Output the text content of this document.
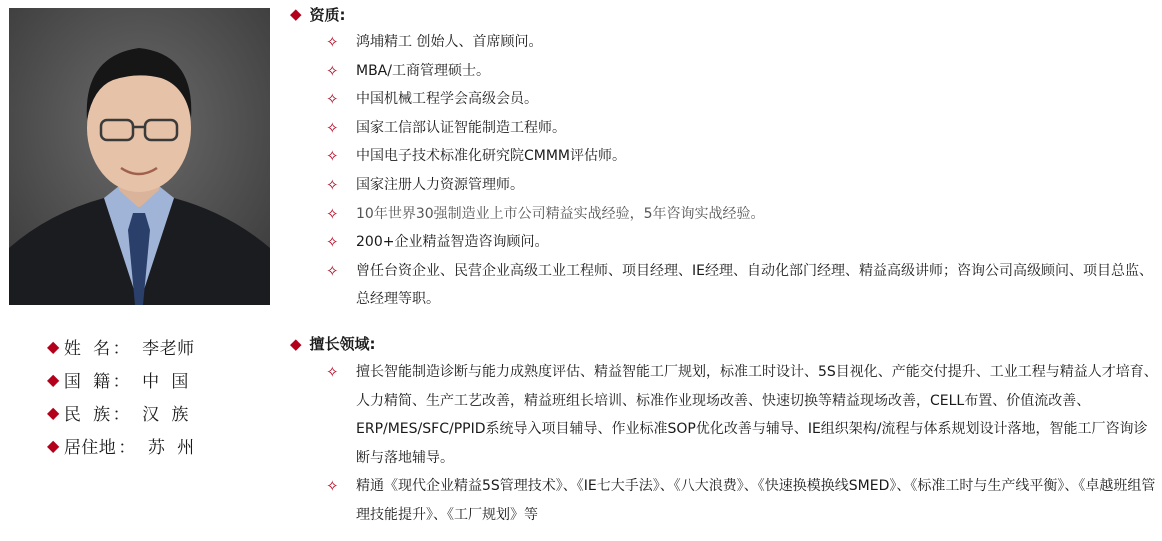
◆ 姓  名 ： 李老师
◆ 国  籍 ： 中  国
◆ 民  族 ： 汉  族
◆ 居住地 ： 苏  州
◆ 资质:
✧ 鸿埔精工 创始人、首席顾问。
✧ MBA/工商管理硕士。
✧ 中国机械工程学会高级会员。
✧ 国家工信部认证智能制造工程师。
✧ 中国电子技术标准化研究院CMMM评估师。
✧ 国家注册人力资源管理师。
✧ 10年世界30强制造业上市公司精益实战经验，5年咨询实战经验。
✧ 200+企业精益智造咨询顾问。
✧ 曾任台资企业、民营企业高级工业工程师、项目经理、IE经理、自动化部门经理、精益高级讲师；咨询公司高级顾问、项目总监、总经理等职。
◆ 擅长领域:
✧ 擅长智能制造诊断与能力成熟度评估、精益智能工厂规划，标准工时设计、5S目视化、产能交付提升、工业工程与精益人才培育、人力精简、生产工艺改善，精益班组长培训、标准作业现场改善、快速切换等精益现场改善，CELL布置、价值流改善、ERP/MES/SFC/PPID系统导入项目辅导、作业标准SOP优化改善与辅导、IE组织架构/流程与体系规划设计落地，智能工厂咨询诊断与落地辅导。
✧ 精通《现代企业精益5S管理技术》、《IE七大手法》、《八大浪费》、《快速换模换线SMED》、《标准工时与生产线平衡》、《卓越班组管理技能提升》、《工厂规划》等
